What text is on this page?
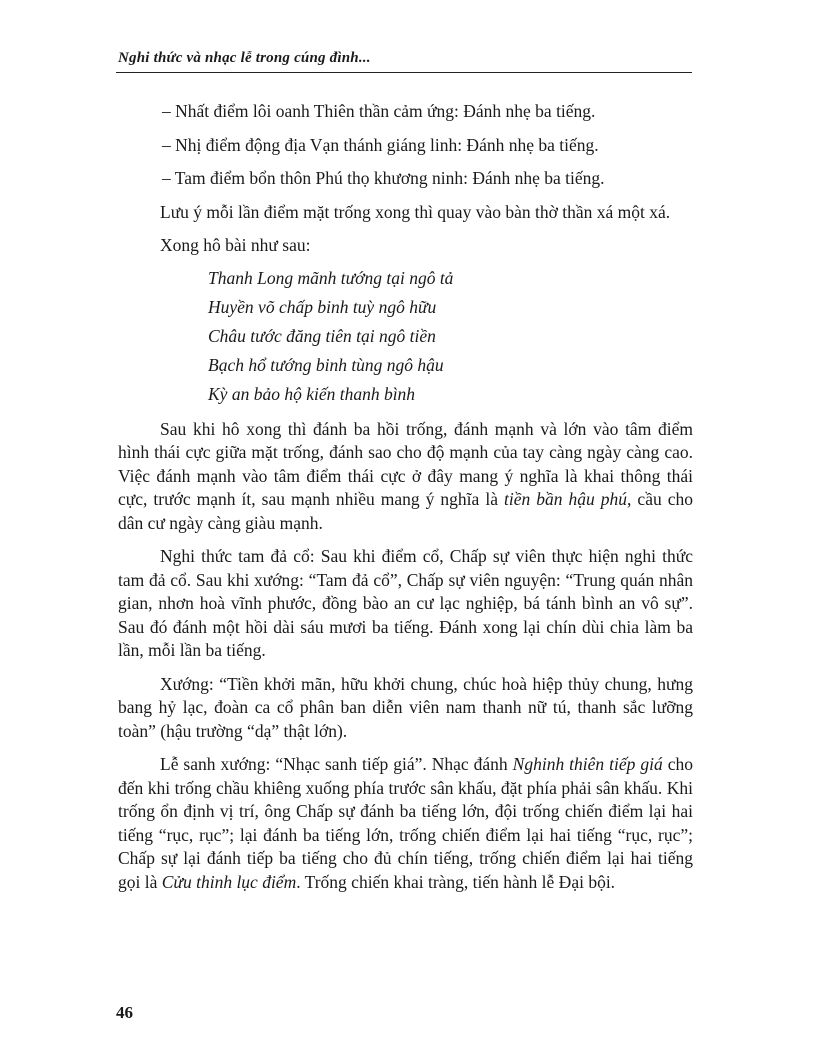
Nghi thức và nhạc lễ trong cúng đình...

– Nhất điểm lôi oanh Thiên thần cảm ứng: Đánh nhẹ ba tiếng.

– Nhị điểm động địa Vạn thánh giáng linh: Đánh nhẹ ba tiếng.

– Tam điểm bổn thôn Phú thọ khương ninh: Đánh nhẹ ba tiếng.

Lưu ý mỗi lần điểm mặt trống xong thì quay vào bàn thờ thần xá một xá.

Xong hô bài như sau:

Thanh Long mãnh tướng tại ngô tả
Huyền võ chấp binh tuỳ ngô hữu
Châu tước đăng tiên tại ngô tiền
Bạch hổ tướng binh tùng ngô hậu
Kỳ an bảo hộ kiến thanh bình

Sau khi hô xong thì đánh ba hồi trống, đánh mạnh và lớn vào tâm điểm hình thái cực giữa mặt trống, đánh sao cho độ mạnh của tay càng ngày càng cao. Việc đánh mạnh vào tâm điểm thái cực ở đây mang ý nghĩa là khai thông thái cực, trước mạnh ít, sau mạnh nhiều mang ý nghĩa là tiền bần hậu phú, cầu cho dân cư ngày càng giàu mạnh.

Nghi thức tam đả cổ: Sau khi điểm cổ, Chấp sự viên thực hiện nghi thức tam đả cổ. Sau khi xướng: “Tam đả cổ”, Chấp sự viên nguyện: “Trung quán nhân gian, nhơn hoà vĩnh phước, đồng bào an cư lạc nghiệp, bá tánh bình an vô sự”. Sau đó đánh một hồi dài sáu mươi ba tiếng. Đánh xong lại chín dùi chia làm ba lần, mỗi lần ba tiếng.

Xướng: “Tiền khởi mãn, hữu khởi chung, chúc hoà hiệp thủy chung, hưng bang hỷ lạc, đoàn ca cổ phân ban diễn viên nam thanh nữ tú, thanh sắc lưỡng toàn” (hậu trường “dạ” thật lớn).

Lễ sanh xướng: “Nhạc sanh tiếp giá”. Nhạc đánh Nghinh thiên tiếp giá cho đến khi trống chầu khiêng xuống phía trước sân khấu, đặt phía phải sân khấu. Khi trống ổn định vị trí, ông Chấp sự đánh ba tiếng lớn, đội trống chiến điểm lại hai tiếng “rục, rục”; lại đánh ba tiếng lớn, trống chiến điểm lại hai tiếng “rục, rục”; Chấp sự lại đánh tiếp ba tiếng cho đủ chín tiếng, trống chiến điểm lại hai tiếng gọi là Cửu thinh lục điểm. Trống chiến khai tràng, tiến hành lễ Đại bội.

46
